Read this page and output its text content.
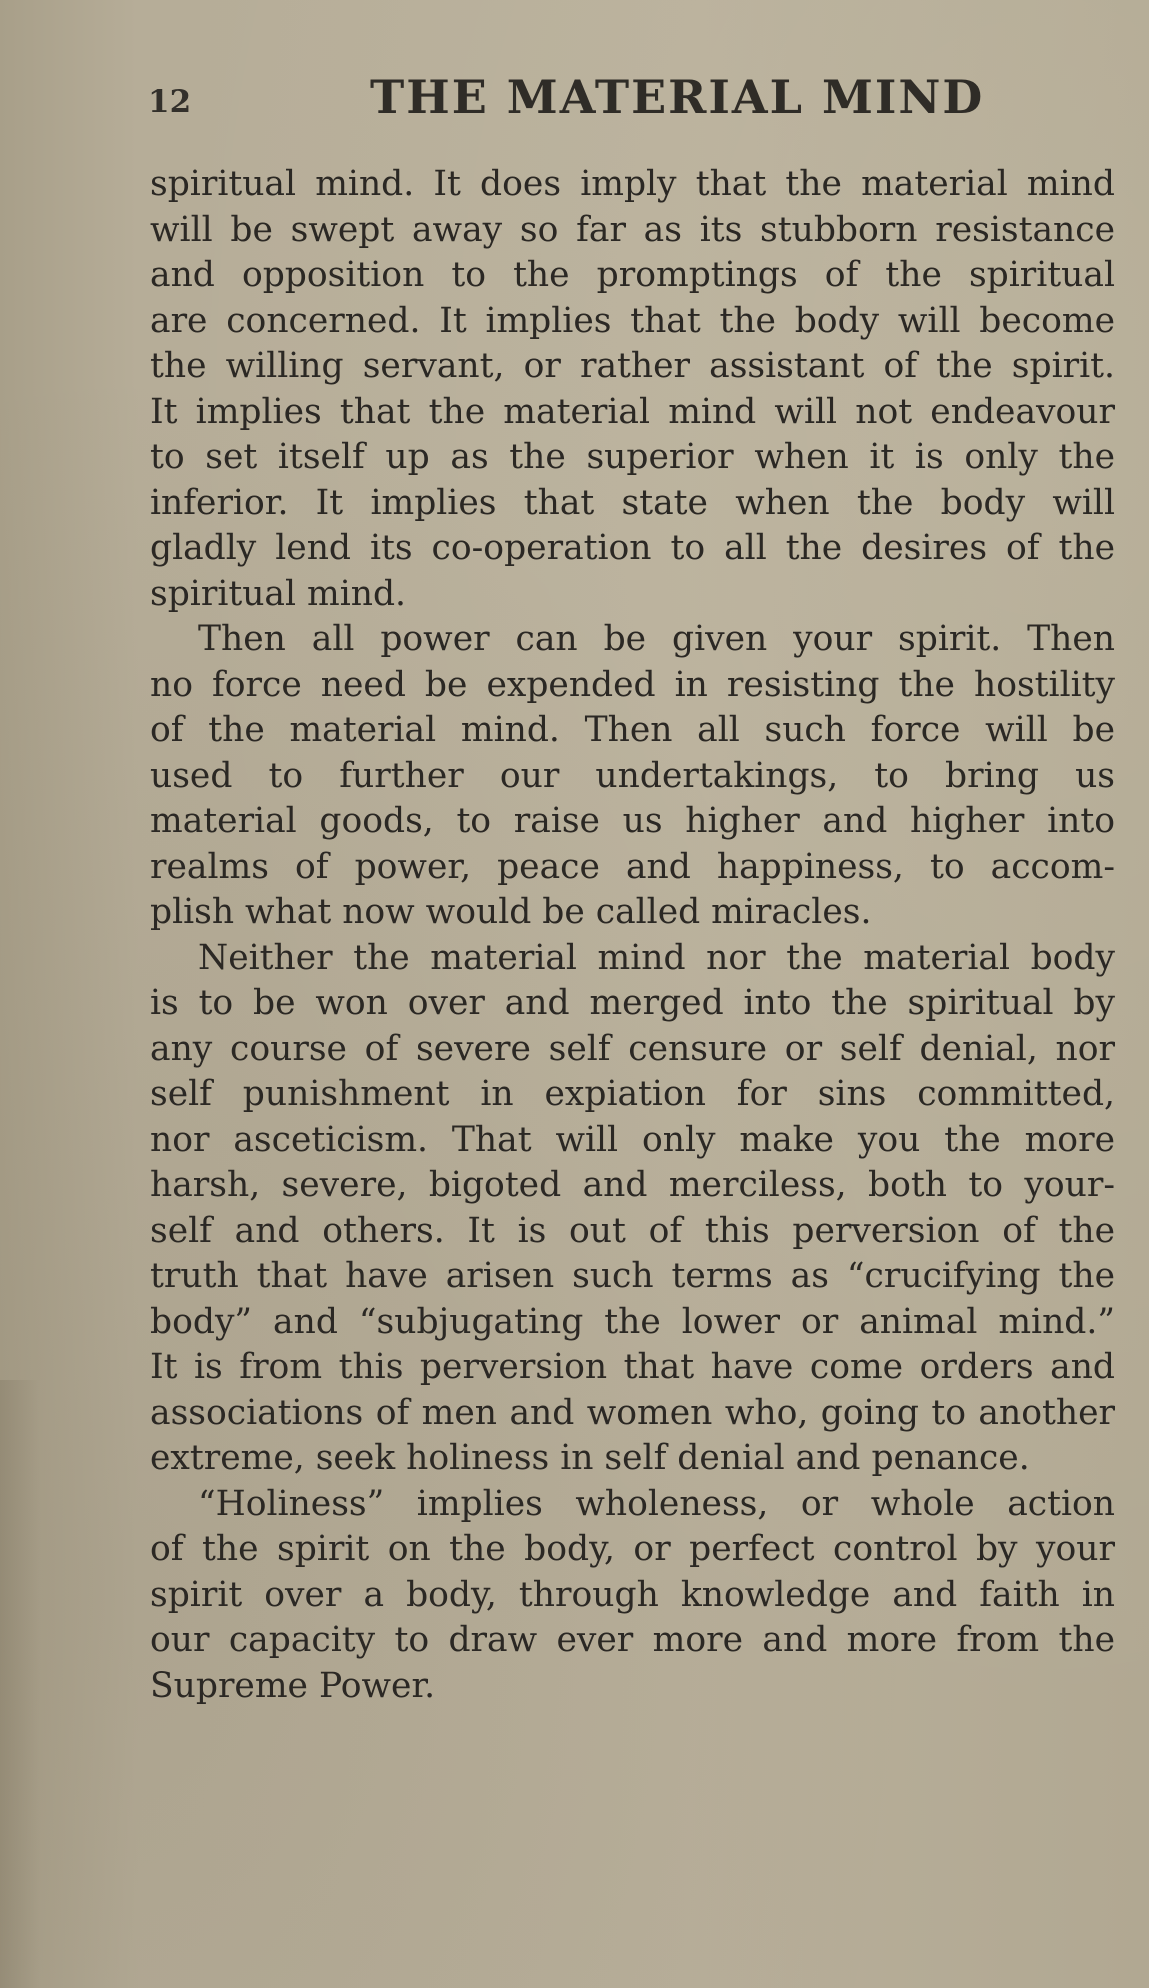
12	THE MATERIAL MIND
spiritual mind. It does imply that the material mind
will be swept away so far as its stubborn resistance
and opposition to the promptings of the spiritual
are concerned. It implies that the body will become
the willing servant, or rather assistant of the spirit.
It implies that the material mind will not endeavour
to set itself up as the superior when it is only the
inferior. It implies that state when the body will
gladly lend its co-operation to all the desires of the
spiritual mind.
Then all power can be given your spirit. Then
no force need be expended in resisting the hostility
of the material mind. Then all such force will be
used to further our undertakings, to bring us
material goods, to raise us higher and higher into
realms of power, peace and happiness, to accom-
plish what now would be called miracles.
Neither the material mind nor the material body
is to be won over and merged into the spiritual by
any course of severe self censure or self denial, nor
self punishment in expiation for sins committed,
nor asceticism. That will only make you the more
harsh, severe, bigoted and merciless, both to your-
self and others. It is out of this perversion of the
truth that have arisen such terms as “crucifying the
body” and “subjugating the lower or animal mind.”
It is from this perversion that have come orders and
associations of men and women who, going to another
extreme, seek holiness in self denial and penance.
“Holiness” implies wholeness, or whole action
of the spirit on the body, or perfect control by your
spirit over a body, through knowledge and faith in
our capacity to draw ever more and more from the
Supreme Power.
